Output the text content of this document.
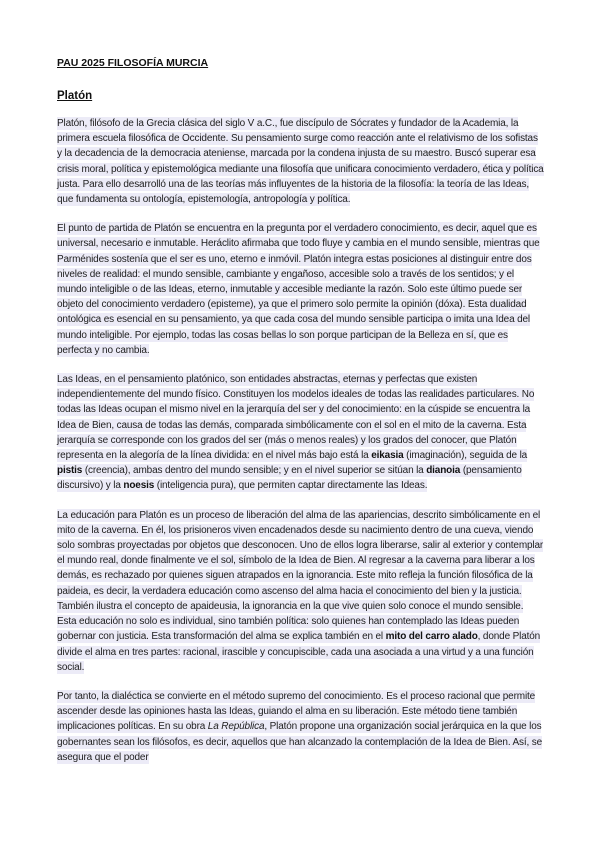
PAU 2025 FILOSOFÍA MURCIA
Platón

Platón, filósofo de la Grecia clásica del siglo V a.C., fue discípulo de Sócrates y fundador de la Academia, la primera escuela filosófica de Occidente. Su pensamiento surge como reacción ante el relativismo de los sofistas y la decadencia de la democracia ateniense, marcada por la condena injusta de su maestro. Buscó superar esa crisis moral, política y epistemológica mediante una filosofía que unificara conocimiento verdadero, ética y política justa. Para ello desarrolló una de las teorías más influyentes de la historia de la filosofía: la teoría de las Ideas, que fundamenta su ontología, epistemología, antropología y política.

El punto de partida de Platón se encuentra en la pregunta por el verdadero conocimiento, es decir, aquel que es universal, necesario e inmutable. Heráclito afirmaba que todo fluye y cambia en el mundo sensible, mientras que Parménides sostenía que el ser es uno, eterno e inmóvil. Platón integra estas posiciones al distinguir entre dos niveles de realidad: el mundo sensible, cambiante y engañoso, accesible solo a través de los sentidos; y el mundo inteligible o de las Ideas, eterno, inmutable y accesible mediante la razón. Solo este último puede ser objeto del conocimiento verdadero (episteme), ya que el primero solo permite la opinión (dóxa). Esta dualidad ontológica es esencial en su pensamiento, ya que cada cosa del mundo sensible participa o imita una Idea del mundo inteligible. Por ejemplo, todas las cosas bellas lo son porque participan de la Belleza en sí, que es perfecta y no cambia.

Las Ideas, en el pensamiento platónico, son entidades abstractas, eternas y perfectas que existen independientemente del mundo físico. Constituyen los modelos ideales de todas las realidades particulares. No todas las Ideas ocupan el mismo nivel en la jerarquía del ser y del conocimiento: en la cúspide se encuentra la Idea de Bien, causa de todas las demás, comparada simbólicamente con el sol en el mito de la caverna. Esta jerarquía se corresponde con los grados del ser (más o menos reales) y los grados del conocer, que Platón representa en la alegoría de la línea dividida: en el nivel más bajo está la eikasia (imaginación), seguida de la pistis (creencia), ambas dentro del mundo sensible; y en el nivel superior se sitúan la dianoia (pensamiento discursivo) y la noesis (inteligencia pura), que permiten captar directamente las Ideas.

La educación para Platón es un proceso de liberación del alma de las apariencias, descrito simbólicamente en el mito de la caverna. En él, los prisioneros viven encadenados desde su nacimiento dentro de una cueva, viendo solo sombras proyectadas por objetos que desconocen. Uno de ellos logra liberarse, salir al exterior y contemplar el mundo real, donde finalmente ve el sol, símbolo de la Idea de Bien. Al regresar a la caverna para liberar a los demás, es rechazado por quienes siguen atrapados en la ignorancia. Este mito refleja la función filosófica de la paideia, es decir, la verdadera educación como ascenso del alma hacia el conocimiento del bien y la justicia. También ilustra el concepto de apaideusia, la ignorancia en la que vive quien solo conoce el mundo sensible. Esta educación no solo es individual, sino también política: solo quienes han contemplado las Ideas pueden gobernar con justicia. Esta transformación del alma se explica también en el mito del carro alado, donde Platón divide el alma en tres partes: racional, irascible y concupiscible, cada una asociada a una virtud y a una función social.

Por tanto, la dialéctica se convierte en el método supremo del conocimiento. Es el proceso racional que permite ascender desde las opiniones hasta las Ideas, guiando el alma en su liberación. Este método tiene también implicaciones políticas. En su obra La República, Platón propone una organización social jerárquica en la que los gobernantes sean los filósofos, es decir, aquellos que han alcanzado la contemplación de la Idea de Bien. Así, se asegura que el poder
